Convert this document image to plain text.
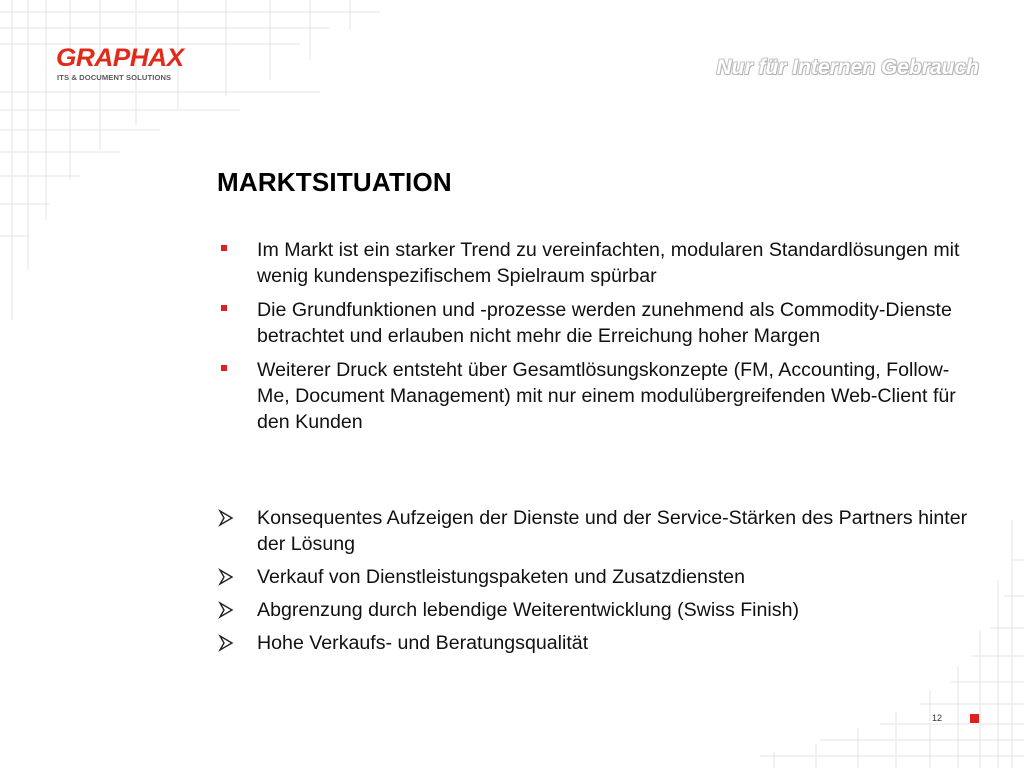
GRAPHAX
ITS & DOCUMENT SOLUTIONS	Nur für Internen Gebrauch
MARKTSITUATION
Im Markt ist ein starker Trend zu vereinfachten, modularen Standardlösungen mit wenig kundenspezifischem Spielraum spürbar
Die Grundfunktionen und -prozesse werden zunehmend als Commodity-Dienste betrachtet und erlauben nicht mehr die Erreichung hoher Margen
Weiterer Druck entsteht über Gesamtlösungskonzepte (FM, Accounting, Follow-Me, Document Management) mit nur einem modulübergreifenden Web-Client für den Kunden
Konsequentes Aufzeigen der Dienste und der Service-Stärken des Partners hinter der Lösung
Verkauf von Dienstleistungspaketen und Zusatzdiensten
Abgrenzung durch lebendige Weiterentwicklung (Swiss Finish)
Hohe Verkaufs- und Beratungsqualität
12
